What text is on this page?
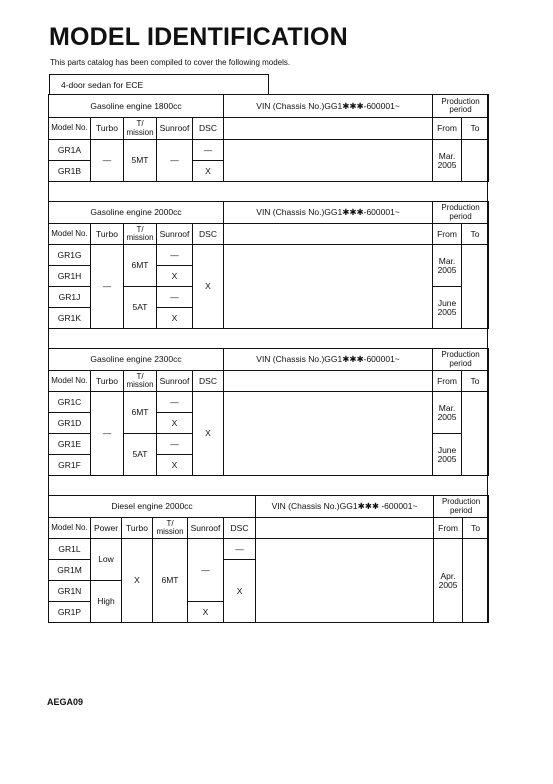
MODEL IDENTIFICATION
This parts catalog has been compiled to cover the following models.
4-door sedan for ECE
Gasoline engine 1800cc					VIN (Chassis No.)GG1✱✱✱-600001~	Production period	
Model No.	Turbo	T/ mission	Sunroof	DSC		From	To
GR1A	—	5MT	—	—		Mar. 2005	
GR1B				X			
Gasoline engine 2000cc					VIN (Chassis No.)GG1✱✱✱-600001~	Production period	
Model No.	Turbo	T/ mission	Sunroof	DSC		From	To
GR1G	—	6MT	—	X		Mar. 2005	
GR1H			X				
GR1J		5AT	—			June 2005	
GR1K			X				
Gasoline engine 2300cc					VIN (Chassis No.)GG1✱✱✱-600001~	Production period	
Model No.	Turbo	T/ mission	Sunroof	DSC		From	To
GR1C	—	6MT	—	X		Mar. 2005	
GR1D			X				
GR1E		5AT	—			June 2005	
GR1F			X				
Diesel engine 2000cc						VIN (Chassis No.)GG1✱✱✱ -600001~	Production period	
Model No.	Power	Turbo	T/ mission	Sunroof	DSC		From	To
GR1L	Low	X	6MT	—	—		Apr. 2005	
GR1M					X			
GR1N	High							
GR1P				X				
AEGA09
